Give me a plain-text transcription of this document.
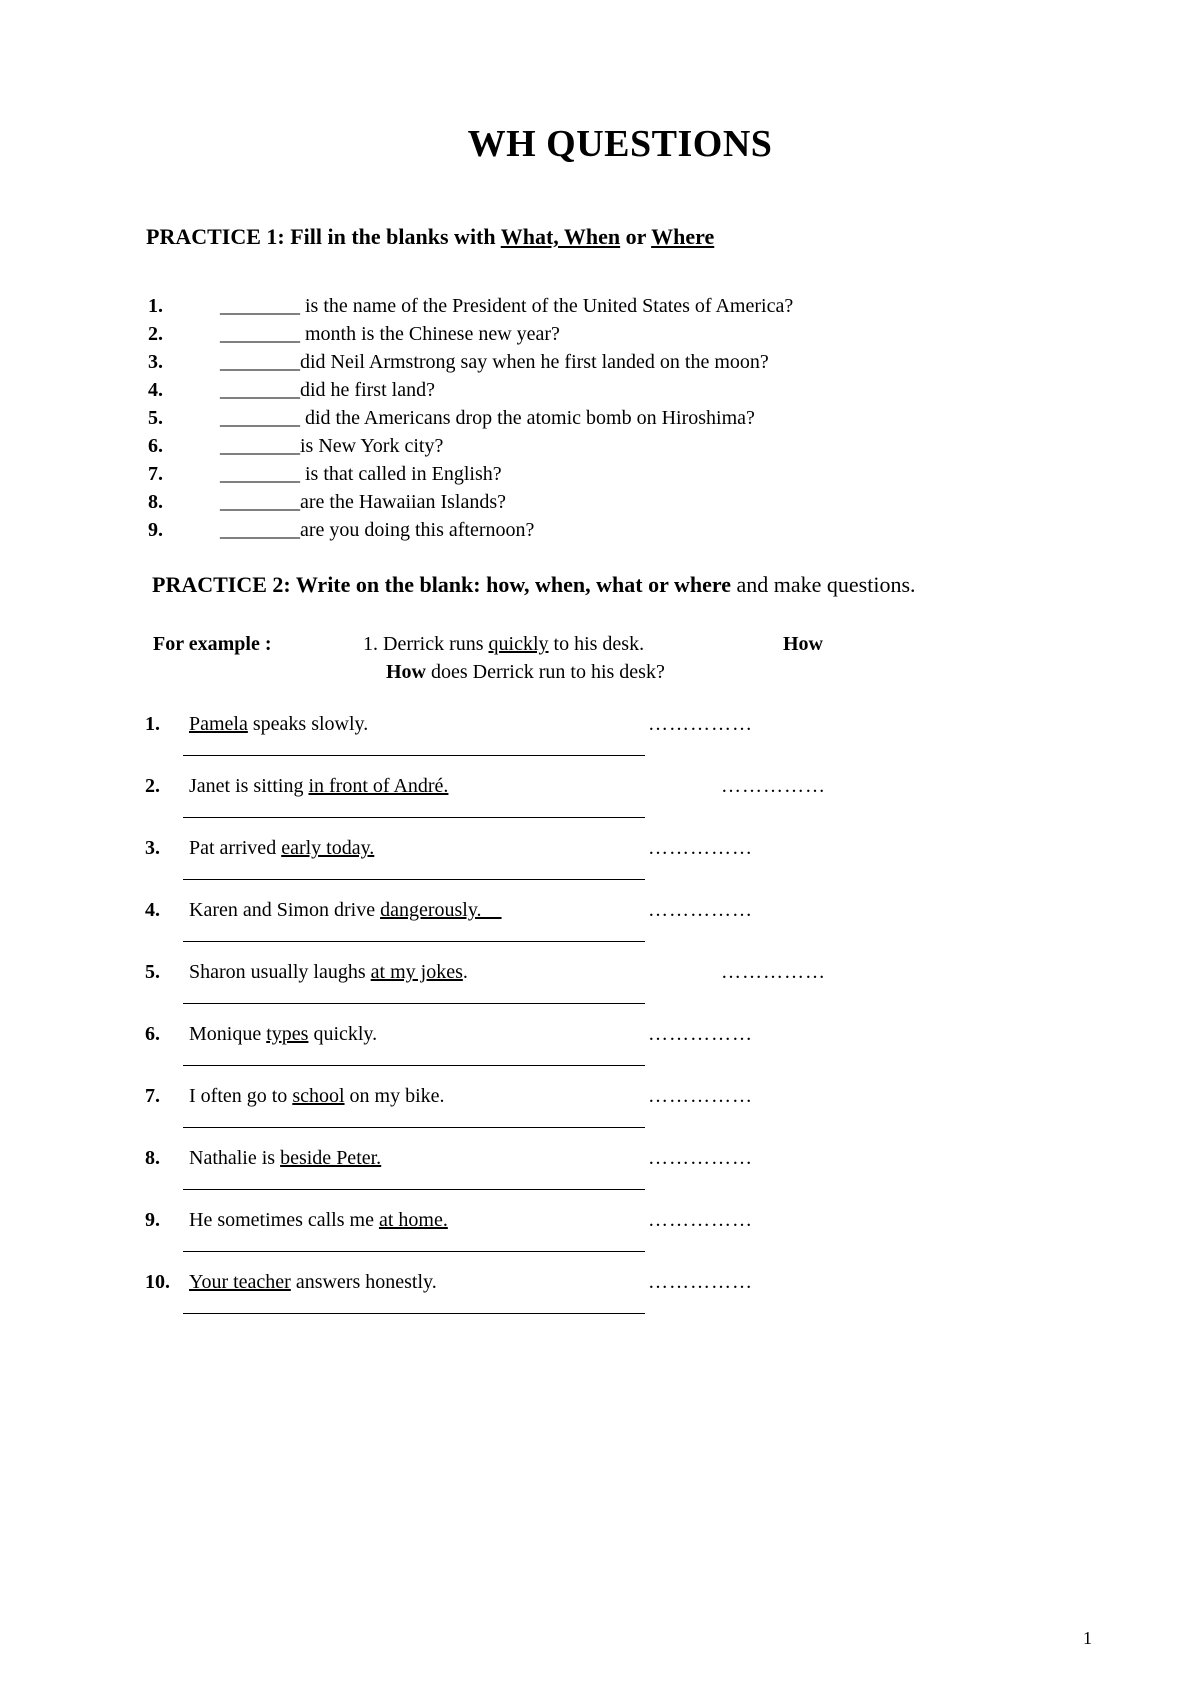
WH QUESTIONS
PRACTICE 1: Fill in the blanks with What, When or Where
1.	________ is the name of the President of the United States of America?
2.	________ month is the Chinese new year?
3.	________did Neil Armstrong say when he first landed on the moon?
4.	________did he first land?
5.	________ did the Americans drop the atomic bomb on Hiroshima?
6.	________is New York city?
7.	________ is that called in English?
8.	________are the Hawaiian Islands?
9.	________are you doing this afternoon?
PRACTICE 2: Write on the blank: how, when, what or where and make questions.
For example :	1. Derrick runs quickly to his desk.	How
How does Derrick run to his desk?
1. Pamela speaks slowly.	……………
2. Janet is sitting in front of André.	……………
3. Pat arrived early today.	……………
4. Karen and Simon drive dangerously.	……………
5. Sharon usually laughs at my jokes.	……………
6. Monique types quickly.	……………
7. I often go to school on my bike.	……………
8. Nathalie is beside Peter.	……………
9. He sometimes calls me at home.	……………
10. Your teacher answers honestly.	……………
1
